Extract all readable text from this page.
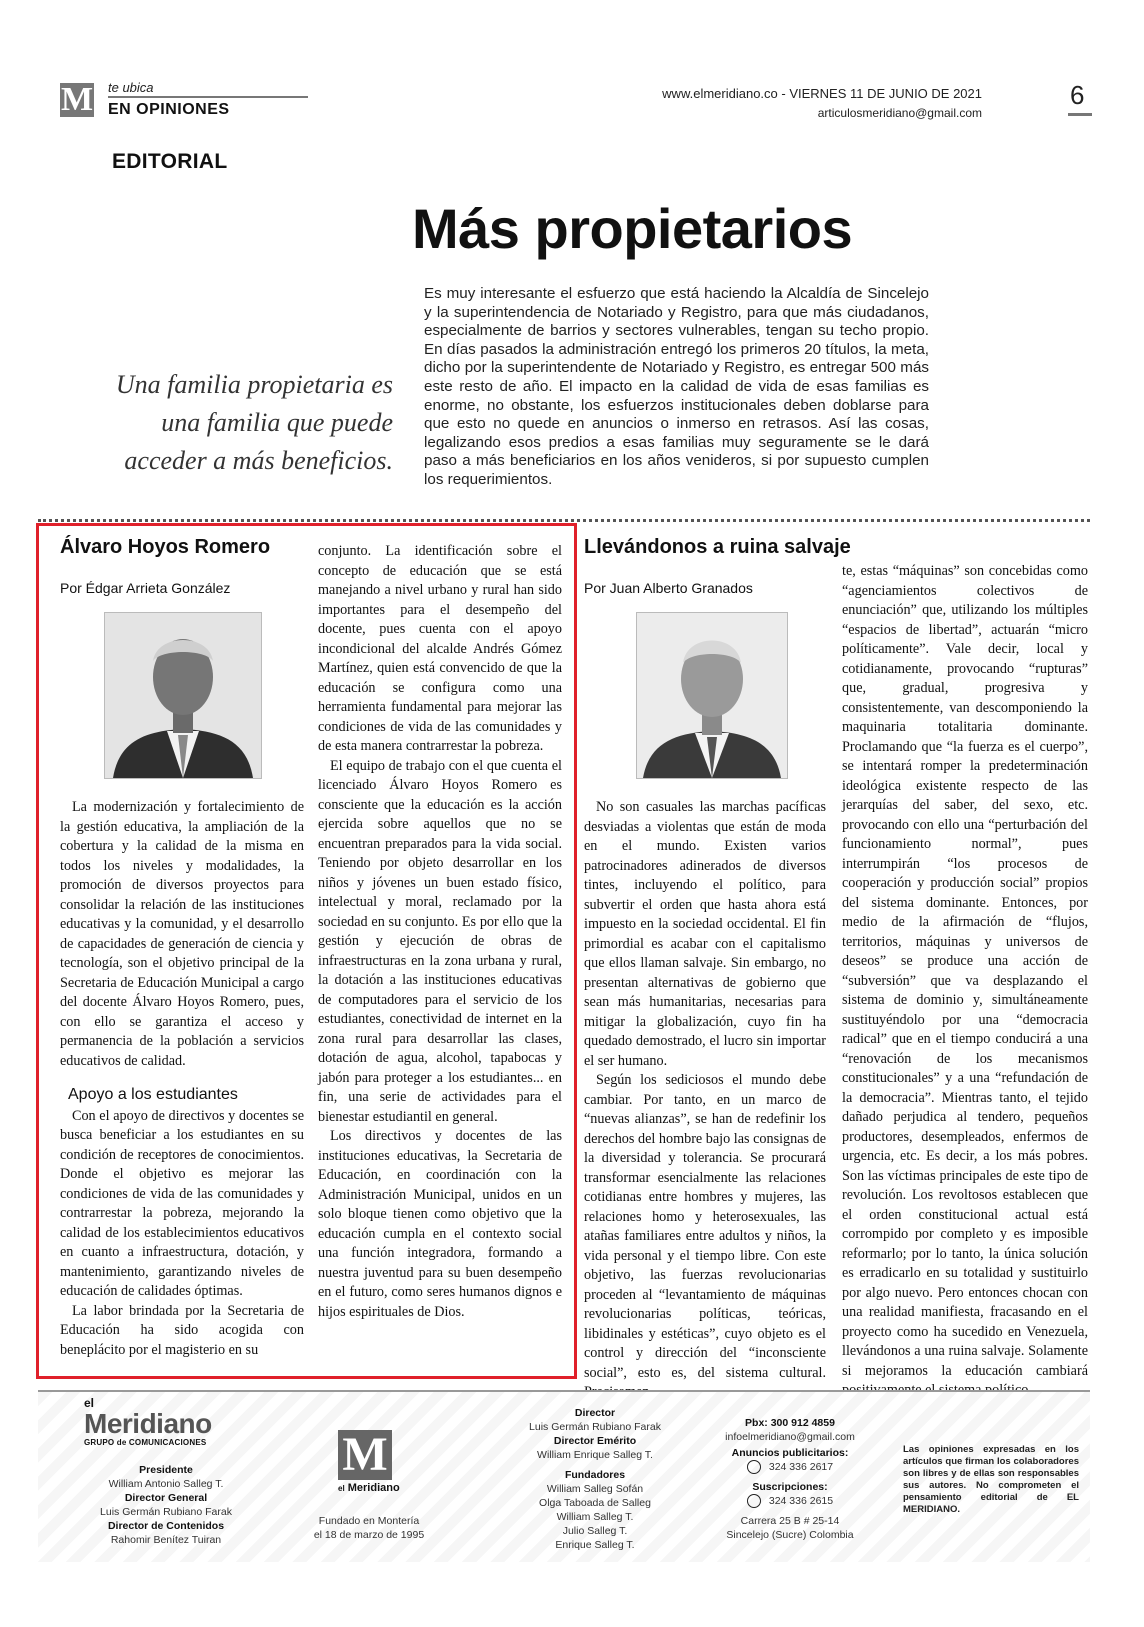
M te ubica
EN OPINIONES
www.elmeridiano.co - VIERNES 11 DE JUNIO DE 2021
articulosmeridiano@gmail.com
6
EDITORIAL
Más propietarios
Es muy interesante el esfuerzo que está haciendo la Alcaldía de Sincelejo y la superintendencia de Notariado y Registro, para que más ciudadanos, especialmente de barrios y sectores vulnerables, tengan su techo propio. En días pasados la administración entregó los primeros 20 títulos, la meta, dicho por la superintendente de Notariado y Registro, es entregar 500 más este resto de año. El impacto en la calidad de vida de esas familias es enorme, no obstante, los esfuerzos institucionales deben doblarse para que esto no quede en anuncios o inmerso en retrasos. Así las cosas, legalizando esos predios a esas familias muy seguramente se le dará paso a más beneficiarios en los años venideros, si por supuesto cumplen los requerimientos.
Una familia propietaria es una familia que puede acceder a más beneficios.
Álvaro Hoyos Romero
Por Édgar Arrieta González

La modernización y fortalecimiento de la gestión educativa, la ampliación de la cobertura y la calidad de la misma en todos los niveles y modalidades, la promoción de diversos proyectos para consolidar la relación de las instituciones educativas y la comunidad, y el desarrollo de capacidades de generación de ciencia y tecnología, son el objetivo principal de la Secretaria de Educación Municipal a cargo del docente Álvaro Hoyos Romero, pues, con ello se garantiza el acceso y permanencia de la población a servicios educativos de calidad.

Apoyo a los estudiantes

Con el apoyo de directivos y docentes se busca beneficiar a los estudiantes en su condición de receptores de conocimientos. Donde el objetivo es mejorar las condiciones de vida de las comunidades y contrarrestar la pobreza, mejorando la calidad de los establecimientos educativos en cuanto a infraestructura, dotación, y mantenimiento, garantizando niveles de educación de calidades óptimas.

La labor brindada por la Secretaria de Educación ha sido acogida con beneplácito por el magisterio en su

conjunto. La identificación sobre el concepto de educación que se está manejando a nivel urbano y rural han sido importantes para el desempeño del docente, pues cuenta con el apoyo incondicional del alcalde Andrés Gómez Martínez, quien está convencido de que la educación se configura como una herramienta fundamental para mejorar las condiciones de vida de las comunidades y de esta manera contrarrestar la pobreza.

El equipo de trabajo con el que cuenta el licenciado Álvaro Hoyos Romero es consciente que la educación es la acción ejercida sobre aquellos que no se encuentran preparados para la vida social. Teniendo por objeto desarrollar en los niños y jóvenes un buen estado físico, intelectual y moral, reclamado por la sociedad en su conjunto. Es por ello que la gestión y ejecución de obras de infraestructuras en la zona urbana y rural, la dotación a las instituciones educativas de computadores para el servicio de los estudiantes, conectividad de internet en la zona rural para desarrollar las clases, dotación de agua, alcohol, tapabocas y jabón para proteger a los estudiantes... en fin, una serie de actividades para el bienestar estudiantil en general.

Los directivos y docentes de las instituciones educativas, la Secretaria de Educación, en coordinación con la Administración Municipal, unidos en un solo bloque tienen como objetivo que la educación cumpla en el contexto social una función integradora, formando a nuestra juventud para su buen desempeño en el futuro, como seres humanos dignos e hijos espirituales de Dios.

Llevándonos a ruina salvaje
Por Juan Alberto Granados

No son casuales las marchas pacíficas desviadas a violentas que están de moda en el mundo. Existen varios patrocinadores adinerados de diversos tintes, incluyendo el político, para subvertir el orden que hasta ahora está impuesto en la sociedad occidental. El fin primordial es acabar con el capitalismo que ellos llaman salvaje. Sin embargo, no presentan alternativas de gobierno que sean más humanitarias, necesarias para mitigar la globalización, cuyo fin ha quedado demostrado, el lucro sin importar el ser humano.

Según los sediciosos el mundo debe cambiar. Por tanto, en un marco de “nuevas alianzas”, se han de redefinir los derechos del hombre bajo las consignas de la diversidad y tolerancia. Se procurará transformar esencialmente las relaciones cotidianas entre hombres y mujeres, las relaciones homo y heterosexuales, las atañas familiares entre adultos y niños, la vida personal y el tiempo libre. Con este objetivo, las fuerzas revolucionarias proceden al “levantamiento de máquinas revolucionarias políticas, teóricas, libidinales y estéticas”, cuyo objeto es el control y dirección del “inconsciente social”, esto es, del sistema cultural.

te, estas “máquinas” son concebidas como “agenciamientos colectivos de enunciación” que, utilizando los múltiples “espacios de libertad”, actuarán “micro políticamente”. Vale decir, local y cotidianamente, provocando “rupturas” que, gradual, progresiva y consistentemente, van descomponiendo la maquinaria totalitaria dominante. Proclamando que “la fuerza es el cuerpo”, se intentará romper la predeterminación ideológica existente respecto de las jerarquías del saber, del sexo, etc. provocando con ello una “perturbación del funcionamiento normal”, pues interrumpirán “los procesos de cooperación y producción social” propios del sistema dominante. Entonces, por medio de la afirmación de “flujos, territorios, máquinas y universos de deseos” se produce una acción de “subversión” que va desplazando el sistema de dominio y, simultáneamente sustituyéndolo por una “democracia radical” que en el tiempo conducirá a una “renovación de los mecanismos constitucionales” y a una “refundación de la democracia”. Mientras tanto, el tejido dañado perjudica al tendero, pequeños productores, desempleados, enfermos de urgencia, etc. Es decir, a los más pobres. Son las víctimas principales de este tipo de revolución. Los revoltosos establecen que el orden constitucional actual está corrompido por completo y es imposible reformarlo; por lo tanto, la única solución es erradicarlo en su totalidad y sustituirlo por algo nuevo. Pero entonces chocan con una realidad manifiesta, fracasando en el proyecto como ha sucedido en Venezuela, llevándonos a una ruina salvaje. Solamente si mejoramos la educación cambiará

el
Meridiano
GRUPO de COMUNICACIONES
Presidente
William Antonio Salleg T.
Director General
Luis Germán Rubiano Farak
Director de Contenidos
Rahomir Benítez Tuiran
M
el Meridiano
Fundado en Montería
el 18 de marzo de 1995
Director
Luis Germán Rubiano Farak
Director Emérito
William Enrique Salleg T.
Fundadores
William Salleg Sofán
Olga Taboada de Salleg
William Salleg T.
Julio Salleg T.
Enrique Salleg T.
Pbx: 300 912 4859
infoelmeridiano@gmail.com
Anuncios publicitarios:
324 336 2617
Suscripciones:
324 336 2615
Carrera 25 B # 25-14
Sincelejo (Sucre) Colombia
Las opiniones expresadas en los artículos que firman los colaboradores son libres y de ellas son responsables sus autores. No comprometen el pensamiento editorial de EL MERIDIANO.
